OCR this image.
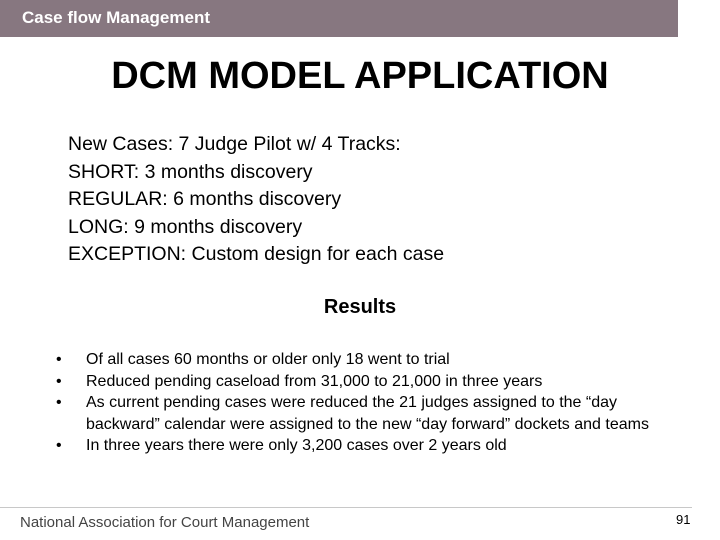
Case flow Management
DCM MODEL APPLICATION
New Cases: 7 Judge Pilot w/ 4 Tracks:
SHORT: 3 months discovery
REGULAR: 6 months discovery
LONG: 9 months discovery
EXCEPTION: Custom design for each case
Results
• Of all cases 60 months or older only 18 went to trial
• Reduced pending caseload from 31,000 to 21,000 in three years
• As current pending cases were reduced the 21 judges assigned to the “day backward” calendar were assigned to the new “day forward” dockets and teams
• In three years there were only 3,200 cases over 2 years old
National Association for Court Management	91
